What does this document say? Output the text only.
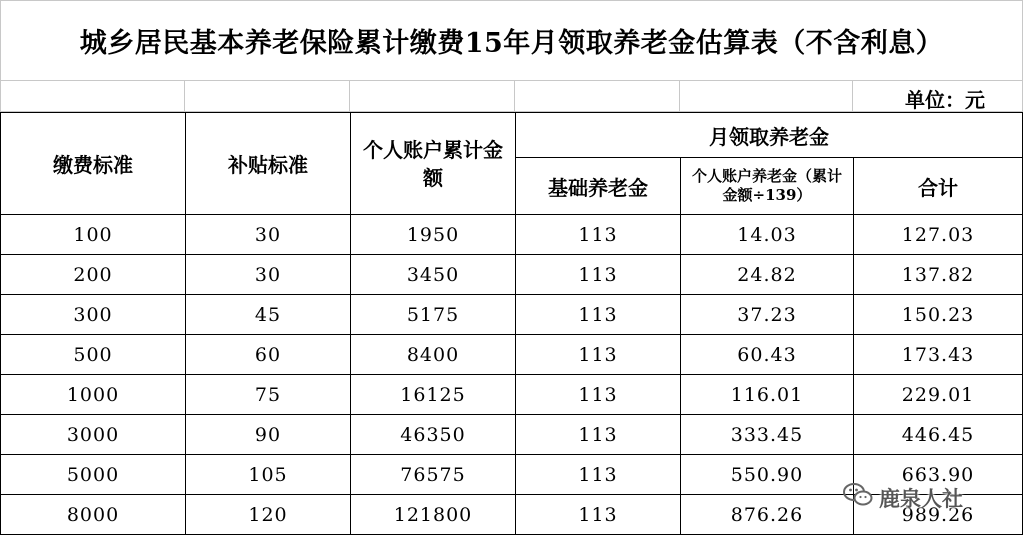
城乡居民基本养老保险累计缴费15年月领取养老金估算表（不含利息）
单位：元
缴费标准	补贴标准	个人账户累计金额	月领取养老金		
			基础养老金	个人账户养老金（累计金额÷139）	合计
100	30	1950	113	14.03	127.03
200	30	3450	113	24.82	137.82
300	45	5175	113	37.23	150.23
500	60	8400	113	60.43	173.43
1000	75	16125	113	116.01	229.01
3000	90	46350	113	333.45	446.45
5000	105	76575	113	550.90	663.90
8000	120	121800	113	876.26	989.26
鹿泉人社
